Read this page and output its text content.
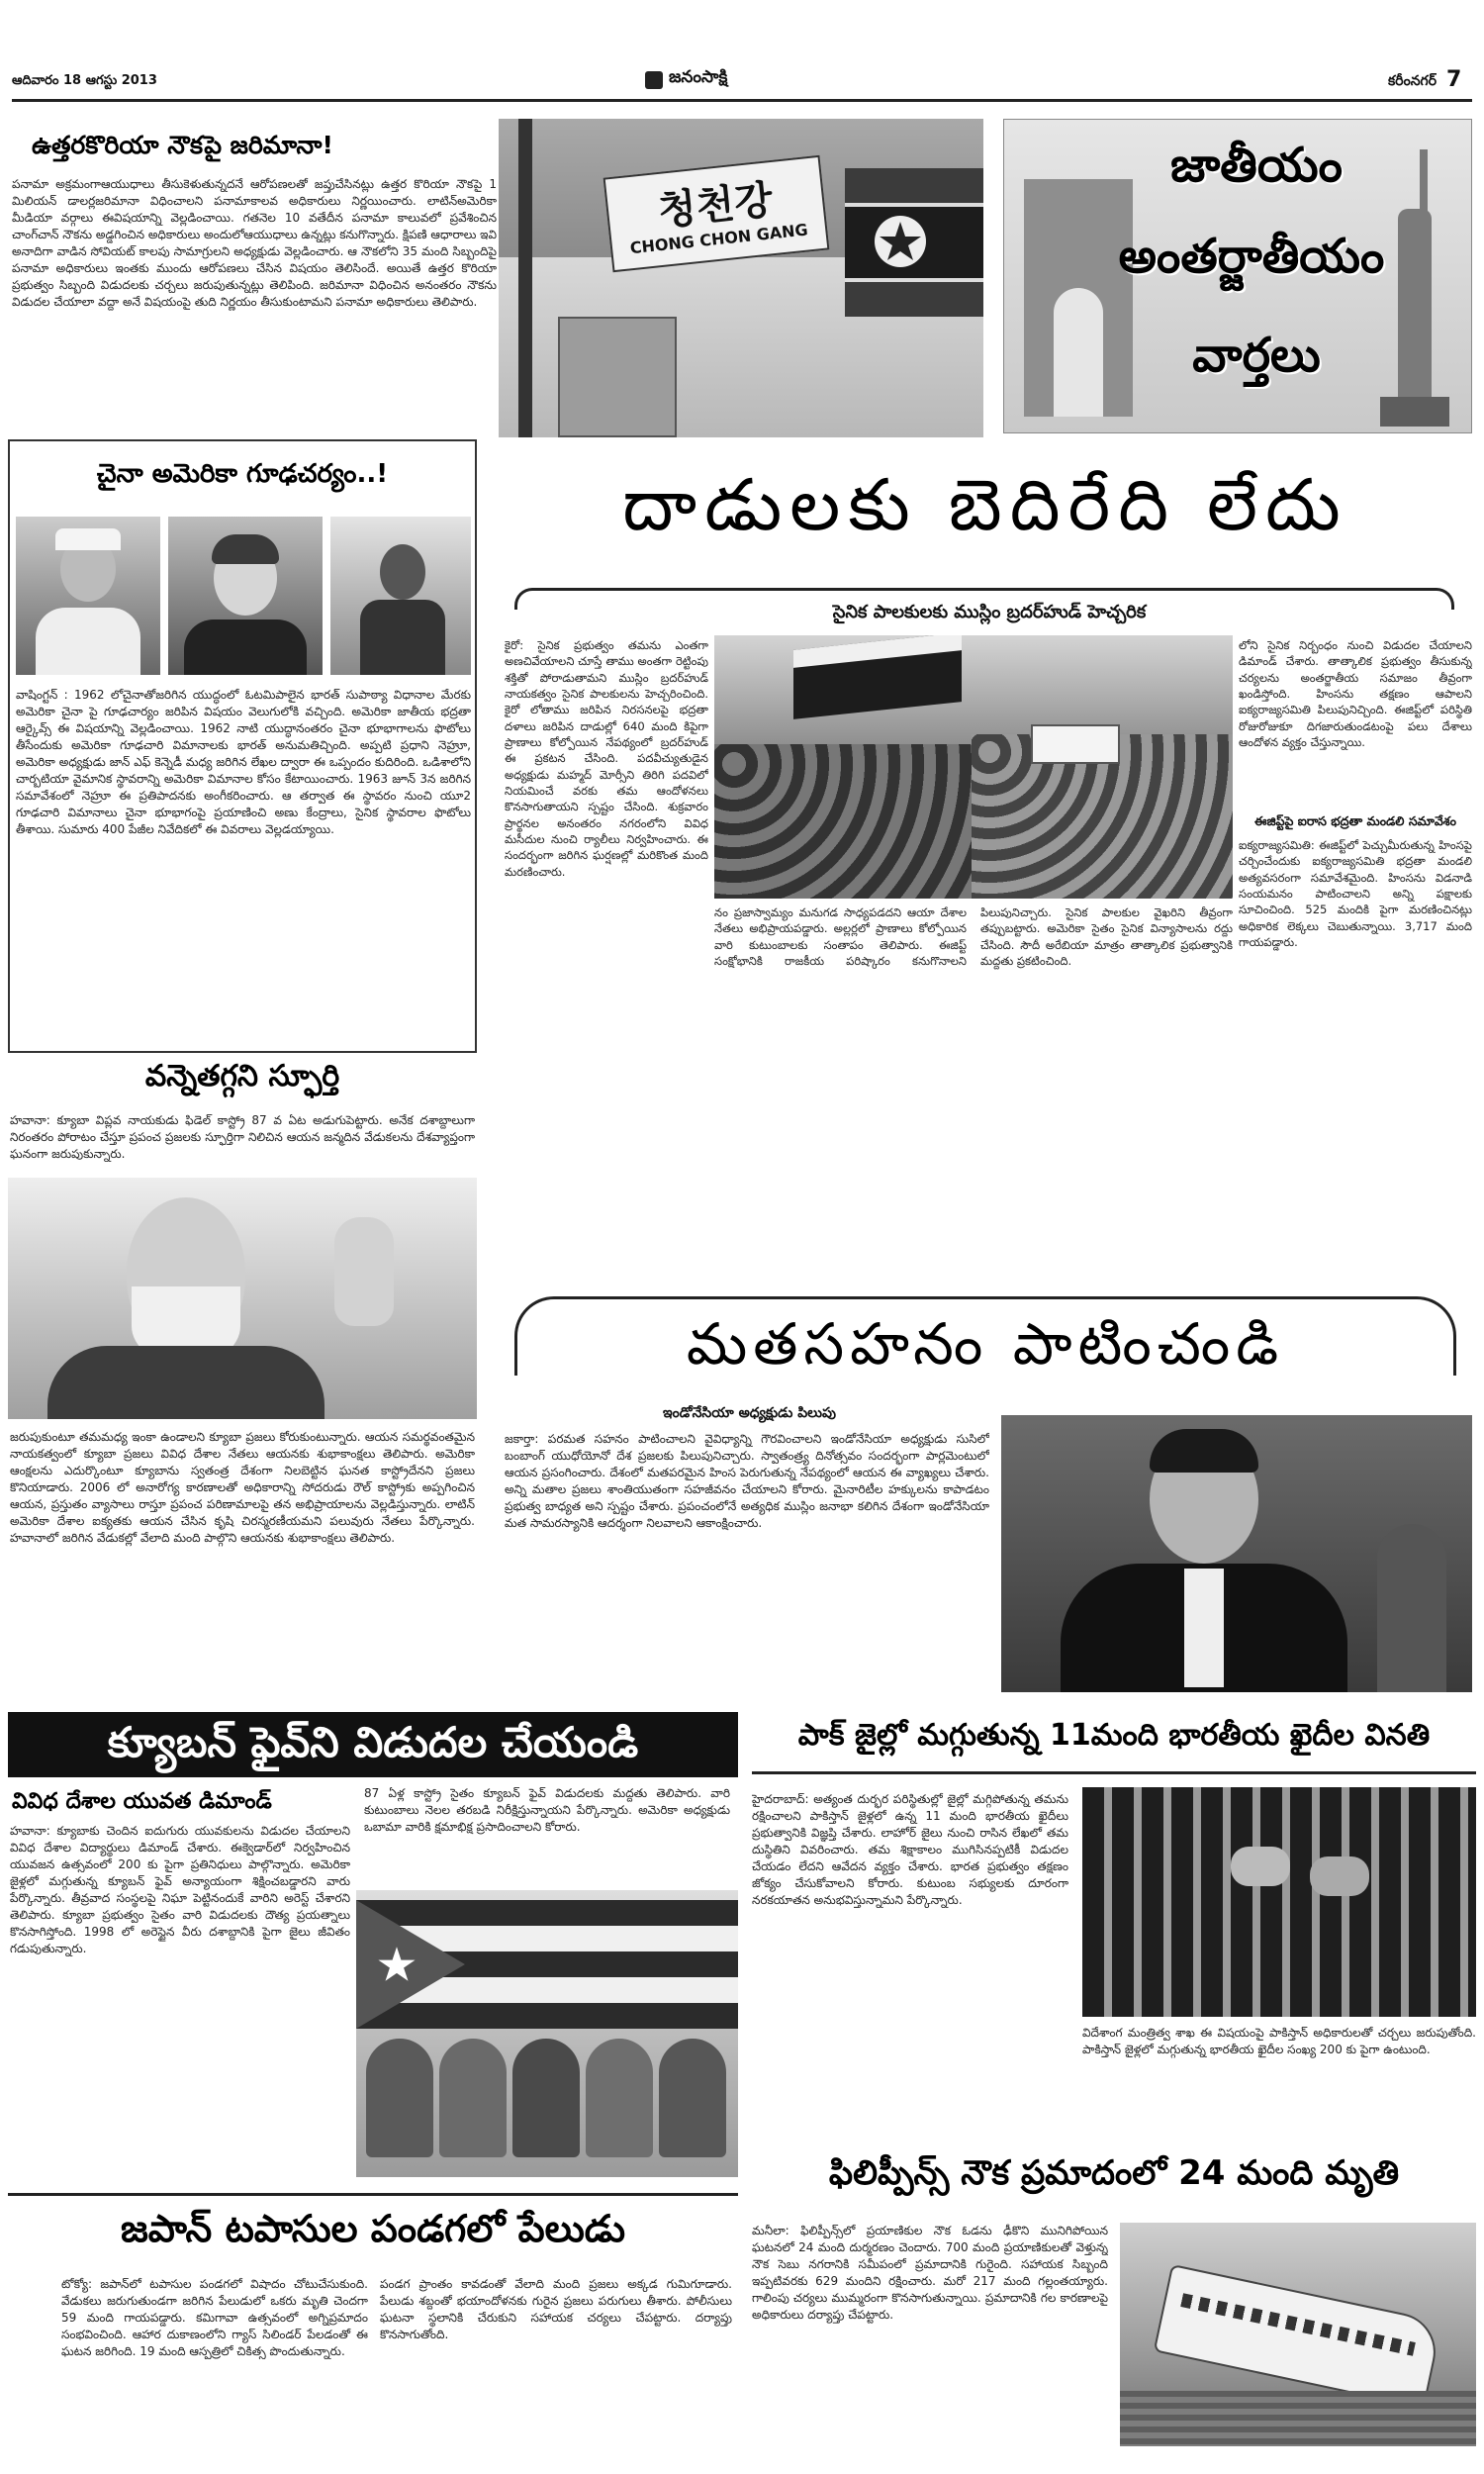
ఆదివారం 18 ఆగస్టు 2013	జనంసాక్షి	కరీంనగర్ 7
ఉత్తరకొరియా నౌకపై జరిమానా!
పనామా అక్రమంగాఆయుధాలు తీసుకెళుతున్నదనే ఆరోపణలతో జప్తుచేసినట్లు ఉత్తర కొరియా నౌకపై 1 మిలియన్ డాలర్లజరిమానా విధించాలని పనామాకాలవ అధికారులు నిర్ణయించారు. లాటిన్‌అమెరికా మీడియా వర్గాలు ఈవిషయాన్ని వెల్లడించాయి. గతనెల 10 వతేదీన పనామా కాలువలో ప్రవేశించిన చాంగ్‌చాన్ నౌకను అడ్డగించిన అధికారులు అందులోఆయుధాలు ఉన్నట్లు కనుగొన్నారు. క్షిపణి ఆధారాలు ఇవి అనాదిగా వాడిన సోవియట్ కాలపు సామాగ్రులని అధ్యక్షుడు వెల్లడించారు. ఆ నౌకలోని 35 మంది సిబ్బందిపై పనామా అధికారులు ఇంతకు ముందు ఆరోపణలు చేసిన విషయం తెలిసిందే. అయితే ఉత్తర కొరియా ప్రభుత్వం సిబ్బంది విడుదలకు చర్చలు జరుపుతున్నట్లు తెలిపింది. జరిమానా విధించిన అనంతరం నౌకను విడుదల చేయాలా వద్దా అనే విషయంపై తుది నిర్ణయం తీసుకుంటామని పనామా అధికారులు తెలిపారు.
청천강
CHONG CHON GANG
జాతీయం
అంతర్జాతీయం
వార్తలు
చైనా అమెరికా గూఢచర్యం..!
వాషింగ్టన్ : 1962 లోచైనాతోజరిగిన యుద్ధంలో ఓటమిపాలైన భారత్ సుపాఠ్యా విధానాల మేరకు అమెరికా చైనా పై గూఢచార్యం జరిపిన విషయం వెలుగులోకి వచ్చింది. అమెరికా జాతీయ భద్రతా ఆర్కైవ్స్ ఈ విషయాన్ని వెల్లడించాయి. 1962 నాటి యుద్ధానంతరం చైనా భూభాగాలను ఫొటోలు తీసేందుకు అమెరికా గూఢచారి విమానాలకు భారత్ అనుమతిచ్చింది. అప్పటి ప్రధాని నెహ్రూ, అమెరికా అధ్యక్షుడు జాన్ ఎఫ్ కెన్నెడీ మధ్య జరిగిన లేఖల ద్వారా ఈ ఒప్పందం కుదిరింది. ఒడిశాలోని చార్బటియా వైమానిక స్థావరాన్ని అమెరికా విమానాల కోసం కేటాయించారు. 1963 జూన్ 3న జరిగిన సమావేశంలో నెహ్రూ ఈ ప్రతిపాదనకు అంగీకరించారు. ఆ తర్వాత ఈ స్థావరం నుంచి యూ2 గూఢచారి విమానాలు చైనా భూభాగంపై ప్రయాణించి అణు కేంద్రాలు, సైనిక స్థావరాల ఫొటోలు తీశాయి. సుమారు 400 పేజీల నివేదికలో ఈ వివరాలు వెల్లడయ్యాయి.
వన్నెతగ్గని స్ఫూర్తి
హవానా: క్యూబా విప్లవ నాయకుడు ఫిడెల్ కాస్ట్రో 87 వ ఏట అడుగుపెట్టారు. అనేక దశాబ్దాలుగా నిరంతరం పోరాటం చేస్తూ ప్రపంచ ప్రజలకు స్ఫూర్తిగా నిలిచిన ఆయన జన్మదిన వేడుకలను దేశవ్యాప్తంగా ఘనంగా జరుపుకున్నారు.
జరుపుకుంటూ తమమధ్య ఇంకా ఉండాలని క్యూబా ప్రజలు కోరుకుంటున్నారు. ఆయన సమర్థవంతమైన నాయకత్వంలో క్యూబా ప్రజలు వివిధ దేశాల నేతలు ఆయనకు శుభాకాంక్షలు తెలిపారు. అమెరికా ఆంక్షలను ఎదుర్కొంటూ క్యూబాను స్వతంత్ర దేశంగా నిలబెట్టిన ఘనత కాస్ట్రోదేనని ప్రజలు కొనియాడారు. 2006 లో అనారోగ్య కారణాలతో అధికారాన్ని సోదరుడు రౌల్ కాస్ట్రోకు అప్పగించిన ఆయన, ప్రస్తుతం వ్యాసాలు రాస్తూ ప్రపంచ పరిణామాలపై తన అభిప్రాయాలను వెల్లడిస్తున్నారు. లాటిన్ అమెరికా దేశాల ఐక్యతకు ఆయన చేసిన కృషి చిరస్మరణీయమని పలువురు నేతలు పేర్కొన్నారు. హవానాలో జరిగిన వేడుకల్లో వేలాది మంది పాల్గొని ఆయనకు శుభాకాంక్షలు తెలిపారు.
దాడులకు బెదిరేది లేదు
సైనిక పాలకులకు ముస్లిం బ్రదర్‌హుడ్ హెచ్చరిక
కైరో: సైనిక ప్రభుత్వం తమను ఎంతగా అణచివేయాలని చూస్తే తాము అంతగా రెట్టింపు శక్తితో పోరాడుతామని ముస్లిం బ్రదర్‌హుడ్ నాయకత్వం సైనిక పాలకులను హెచ్చరించింది. కైరో లోతాము జరిపిన నిరసనలపై భద్రతా దళాలు జరిపిన దాడుల్లో 640 మంది కిపైగా ప్రాణాలు కోల్పోయిన నేపథ్యంలో బ్రదర్‌హుడ్ ఈ ప్రకటన చేసింది. పదవీచ్యుతుడైన అధ్యక్షుడు మహ్మద్ మోర్సీని తిరిగి పదవిలో నియమించే వరకు తమ ఆందోళనలు కొనసాగుతాయని స్పష్టం చేసింది. శుక్రవారం ప్రార్థనల అనంతరం నగరంలోని వివిధ మసీదుల నుంచి ర్యాలీలు నిర్వహించారు. ఈ సందర్భంగా జరిగిన ఘర్షణల్లో మరికొంత మంది మరణించారు.
లోని సైనిక నిర్బంధం నుంచి విడుదల చేయాలని డిమాండ్ చేశారు. తాత్కాలిక ప్రభుత్వం తీసుకున్న చర్యలను అంతర్జాతీయ సమాజం తీవ్రంగా ఖండిస్తోంది. హింసను తక్షణం ఆపాలని ఐక్యరాజ్యసమితి పిలుపునిచ్చింది. ఈజిప్ట్‌లో పరిస్థితి రోజురోజుకూ దిగజారుతుండటంపై పలు దేశాలు ఆందోళన వ్యక్తం చేస్తున్నాయి.
ఈజిప్ట్‌పై ఐరాస భద్రతా మండలి సమావేశం
ఐక్యరాజ్యసమితి: ఈజిప్ట్‌లో పెచ్చుమీరుతున్న హింసపై చర్చించేందుకు ఐక్యరాజ్యసమితి భద్రతా మండలి అత్యవసరంగా సమావేశమైంది. హింసను విడనాడి సంయమనం పాటించాలని అన్ని పక్షాలకు సూచించింది. 525 మందికి పైగా మరణించినట్లు అధికారిక లెక్కలు చెబుతున్నాయి. 3,717 మంది గాయపడ్డారు.
నం ప్రజాస్వామ్యం మనుగడ సాధ్యపడదని ఆయా దేశాల నేతలు అభిప్రాయపడ్డారు. అల్లర్లలో ప్రాణాలు కోల్పోయిన వారి కుటుంబాలకు సంతాపం తెలిపారు. ఈజిప్ట్ సంక్షోభానికి రాజకీయ పరిష్కారం కనుగొనాలని పిలుపునిచ్చారు. సైనిక పాలకుల వైఖరిని తీవ్రంగా తప్పుబట్టారు. అమెరికా సైతం సైనిక విన్యాసాలను రద్దు చేసింది. సౌదీ అరేబియా మాత్రం తాత్కాలిక ప్రభుత్వానికి మద్దతు ప్రకటించింది.
మతసహనం పాటించండి
ఇండోనేసియా అధ్యక్షుడు పిలుపు
జకార్తా: పరమత సహనం పాటించాలని వైవిధ్యాన్ని గౌరవించాలని ఇండోనేసియా అధ్యక్షుడు సుసిలో బంబాంగ్ యుధోయోనో దేశ ప్రజలకు పిలుపునిచ్చారు. స్వాతంత్ర్య దినోత్సవం సందర్భంగా పార్లమెంటులో ఆయన ప్రసంగించారు. దేశంలో మతపరమైన హింస పెరుగుతున్న నేపథ్యంలో ఆయన ఈ వ్యాఖ్యలు చేశారు. అన్ని మతాల ప్రజలు శాంతియుతంగా సహజీవనం చేయాలని కోరారు. మైనారిటీల హక్కులను కాపాడటం ప్రభుత్వ బాధ్యత అని స్పష్టం చేశారు. ప్రపంచంలోనే అత్యధిక ముస్లిం జనాభా కలిగిన దేశంగా ఇండోనేసియా మత సామరస్యానికి ఆదర్శంగా నిలవాలని ఆకాంక్షించారు.
క్యూబన్ ఫైవ్‌ని విడుదల చేయండి
వివిధ దేశాల యువత డిమాండ్
హవానా: క్యూబాకు చెందిన ఐదుగురు యువకులను విడుదల చేయాలని వివిధ దేశాల విద్యార్థులు డిమాండ్ చేశారు. ఈక్వెడార్‌లో నిర్వహించిన యువజన ఉత్సవంలో 200 కు పైగా ప్రతినిధులు పాల్గొన్నారు. అమెరికా జైళ్లలో మగ్గుతున్న క్యూబన్ ఫైవ్ అన్యాయంగా శిక్షించబడ్డారని వారు పేర్కొన్నారు. తీవ్రవాద సంస్థలపై నిఘా పెట్టినందుకే వారిని అరెస్ట్ చేశారని తెలిపారు. క్యూబా ప్రభుత్వం సైతం వారి విడుదలకు దౌత్య ప్రయత్నాలు కొనసాగిస్తోంది. 1998 లో అరెస్టైన వీరు దశాబ్దానికి పైగా జైలు జీవితం గడుపుతున్నారు.
87 ఏళ్ల కాస్ట్రో సైతం క్యూబన్ ఫైవ్ విడుదలకు మద్దతు తెలిపారు. వారి కుటుంబాలు నెలల తరబడి నిరీక్షిస్తున్నాయని పేర్కొన్నారు. అమెరికా అధ్యక్షుడు ఒబామా వారికి క్షమాభిక్ష ప్రసాదించాలని కోరారు.
పాక్ జైల్లో మగ్గుతున్న 11మంది భారతీయ ఖైదీల వినతి
హైదరాబాద్: అత్యంత దుర్భర పరిస్థితుల్లో జైల్లో మగ్గిపోతున్న తమను రక్షించాలని పాకిస్తాన్ జైళ్లలో ఉన్న 11 మంది భారతీయ ఖైదీలు ప్రభుత్వానికి విజ్ఞప్తి చేశారు. లాహోర్ జైలు నుంచి రాసిన లేఖలో తమ దుస్థితిని వివరించారు. తమ శిక్షాకాలం ముగిసినప్పటికీ విడుదల చేయడం లేదని ఆవేదన వ్యక్తం చేశారు. భారత ప్రభుత్వం తక్షణం జోక్యం చేసుకోవాలని కోరారు. కుటుంబ సభ్యులకు దూరంగా నరకయాతన అనుభవిస్తున్నామని పేర్కొన్నారు.
విదేశాంగ మంత్రిత్వ శాఖ ఈ విషయంపై పాకిస్తాన్ అధికారులతో చర్చలు జరుపుతోంది. పాకిస్తాన్ జైళ్లలో మగ్గుతున్న భారతీయ ఖైదీల సంఖ్య 200 కు పైగా ఉంటుంది.
ఫిలిప్పీన్స్ నౌక ప్రమాదంలో 24 మంది మృతి
మనీలా: ఫిలిప్పీన్స్‌లో ప్రయాణికుల నౌక ఓడను ఢీకొని మునిగిపోయిన ఘటనలో 24 మంది దుర్మరణం చెందారు. 700 మంది ప్రయాణికులతో వెళ్తున్న నౌక సెబు నగరానికి సమీపంలో ప్రమాదానికి గురైంది. సహాయక సిబ్బంది ఇప్పటివరకు 629 మందిని రక్షించారు. మరో 217 మంది గల్లంతయ్యారు. గాలింపు చర్యలు ముమ్మరంగా కొనసాగుతున్నాయి. ప్రమాదానికి గల కారణాలపై అధికారులు దర్యాప్తు చేపట్టారు.
జపాన్ టపాసుల పండగలో పేలుడు
టోక్యో: జపాన్‌లో టపాసుల పండగలో విషాదం చోటుచేసుకుంది. వేడుకలు జరుగుతుండగా జరిగిన పేలుడులో ఒకరు మృతి చెందగా 59 మంది గాయపడ్డారు. కమిగావా ఉత్సవంలో అగ్నిప్రమాదం సంభవించింది. ఆహార దుకాణంలోని గ్యాస్ సిలిండర్ పేలడంతో ఈ ఘటన జరిగింది. 19 మంది ఆస్పత్రిలో చికిత్స పొందుతున్నారు.
పండగ ప్రాంతం కావడంతో వేలాది మంది ప్రజలు అక్కడ గుమిగూడారు. పేలుడు శబ్దంతో భయాందోళనకు గురైన ప్రజలు పరుగులు తీశారు. పోలీసులు ఘటనా స్థలానికి చేరుకుని సహాయక చర్యలు చేపట్టారు. దర్యాప్తు కొనసాగుతోంది.
